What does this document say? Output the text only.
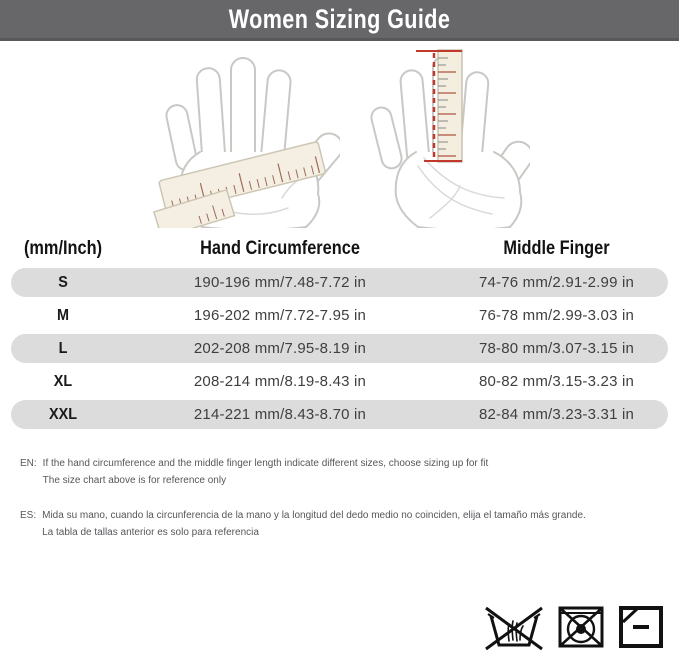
Women Sizing Guide
(mm/Inch)	Hand Circumference	Middle Finger
S	190-196 mm/7.48-7.72 in	74-76 mm/2.91-2.99 in
M	196-202 mm/7.72-7.95 in	76-78 mm/2.99-3.03 in
L	202-208 mm/7.95-8.19 in	78-80 mm/3.07-3.15 in
XL	208-214 mm/8.19-8.43 in	80-82 mm/3.15-3.23 in
XXL	214-221 mm/8.43-8.70 in	82-84 mm/3.23-3.31 in
EN: If the hand circumference and the middle finger length indicate different sizes, choose sizing up for fit
The size chart above is for reference only
ES: Mida su mano, cuando la circunferencia de la mano y la longitud del dedo medio no coinciden, elija el tamaño más grande.
La tabla de tallas anterior es solo para referencia
